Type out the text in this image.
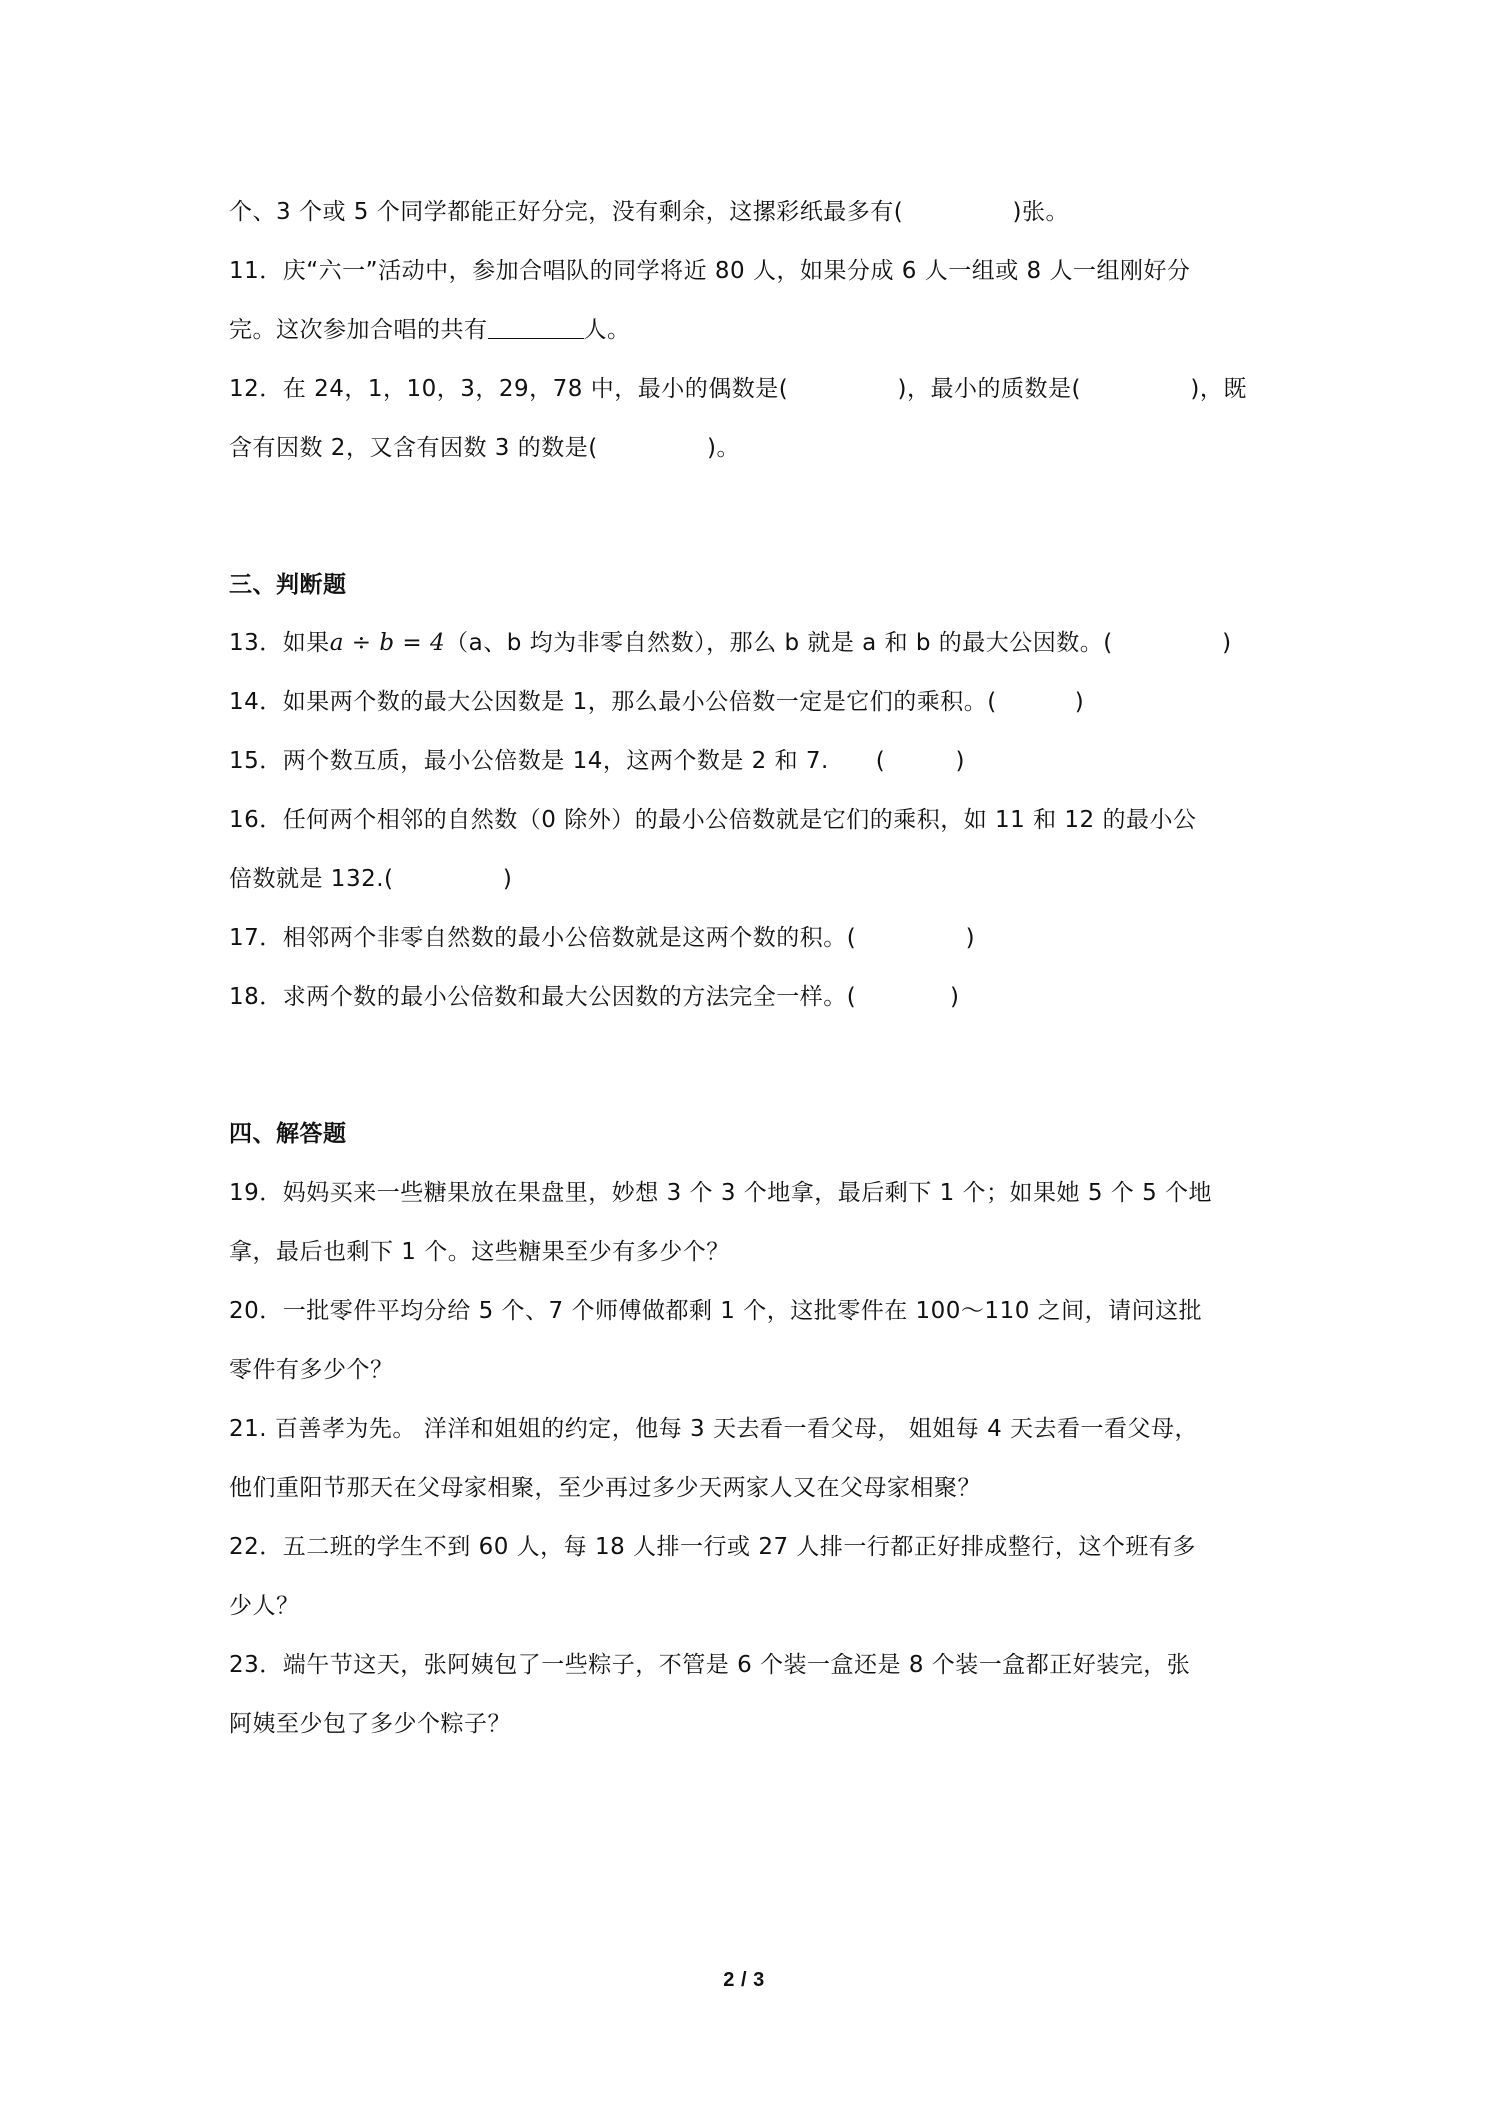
个、3 个或 5 个同学都能正好分完，没有剩余，这摞彩纸最多有(              )张。
11．庆“六一”活动中，参加合唱队的同学将近 80 人，如果分成 6 人一组或 8 人一组刚好分
完。这次参加合唱的共有	人。
12．在 24，1，10，3，29，78 中，最小的偶数是(              )，最小的质数是(              )，既
含有因数 2，又含有因数 3 的数是(              )。
三、判断题
13．如果a ÷ b = 4（a、b 均为非零自然数），那么 b 就是 a 和 b 的最大公因数。(              )
14．如果两个数的最大公因数是 1，那么最小公倍数一定是它们的乘积。(          )
15．两个数互质，最小公倍数是 14，这两个数是 2 和 7.      (         )
16．任何两个相邻的自然数（0 除外）的最小公倍数就是它们的乘积，如 11 和 12 的最小公
倍数就是 132.(              )
17．相邻两个非零自然数的最小公倍数就是这两个数的积。(              )
18．求两个数的最小公倍数和最大公因数的方法完全一样。(            )
四、解答题
19．妈妈买来一些糖果放在果盘里，妙想 3 个 3 个地拿，最后剩下 1 个；如果她 5 个 5 个地
拿，最后也剩下 1 个。这些糖果至少有多少个？
20．一批零件平均分给 5 个、7 个师傅做都剩 1 个，这批零件在 100～110 之间，请问这批
零件有多少个？
21. 百善孝为先。 洋洋和姐姐的约定，他每 3 天去看一看父母， 姐姐每 4 天去看一看父母，
他们重阳节那天在父母家相聚，至少再过多少天两家人又在父母家相聚？
22．五二班的学生不到 60 人，每 18 人排一行或 27 人排一行都正好排成整行，这个班有多
少人？
23．端午节这天，张阿姨包了一些粽子，不管是 6 个装一盒还是 8 个装一盒都正好装完，张
阿姨至少包了多少个粽子？
2 / 3
